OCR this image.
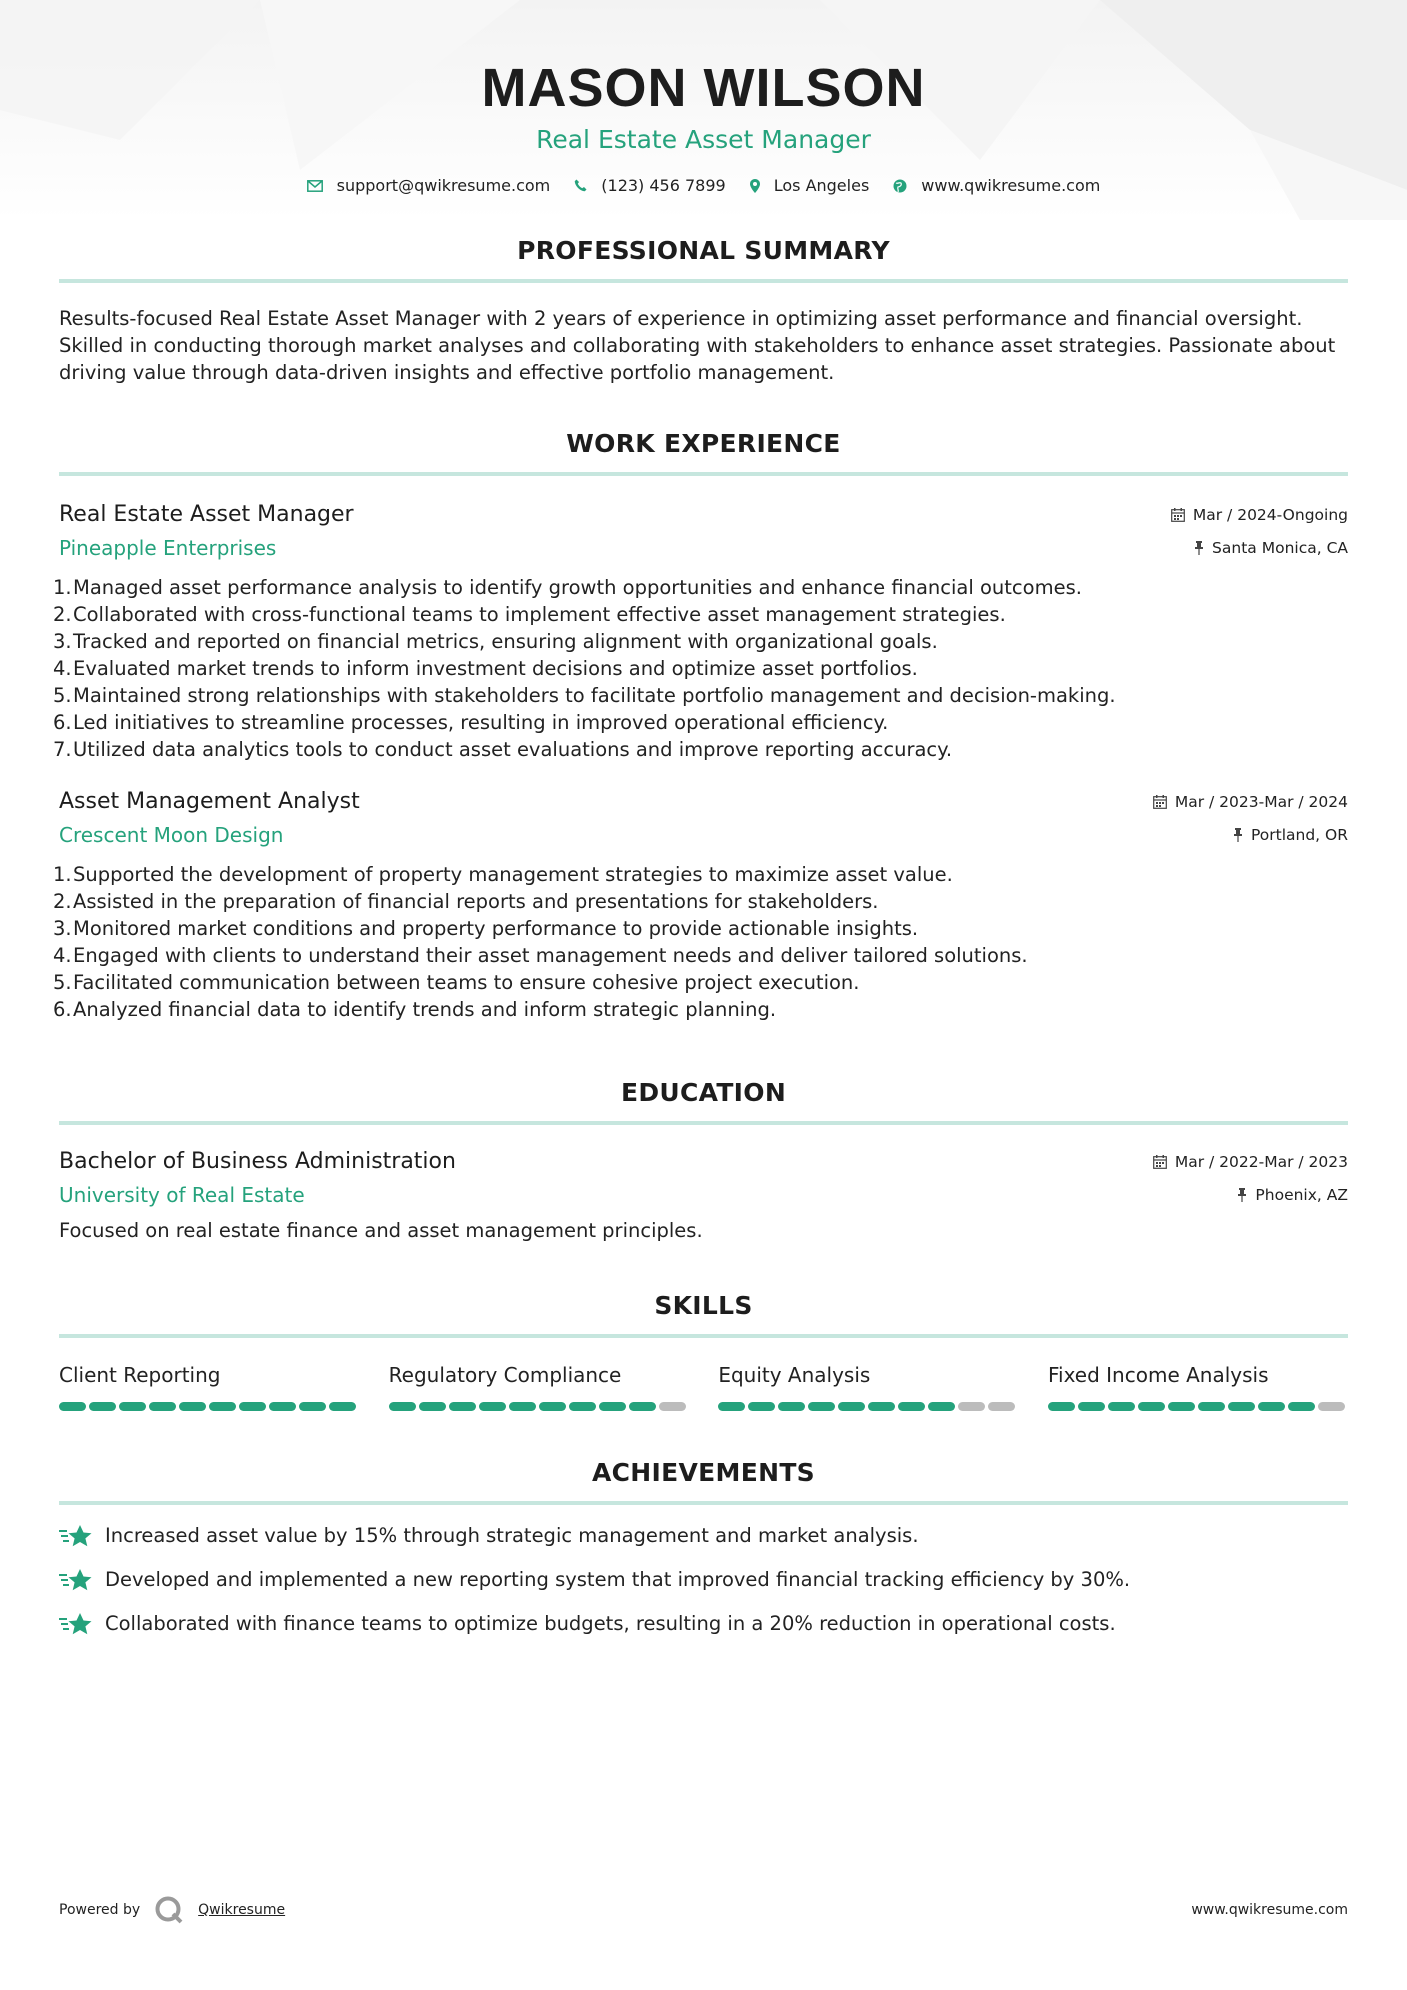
MASON WILSON
Real Estate Asset Manager
support@qwikresume.com	(123) 456 7899	Los Angeles	www.qwikresume.com
PROFESSIONAL SUMMARY
Results-focused Real Estate Asset Manager with 2 years of experience in optimizing asset performance and financial oversight. Skilled in conducting thorough market analyses and collaborating with stakeholders to enhance asset strategies. Passionate about driving value through data-driven insights and effective portfolio management.
WORK EXPERIENCE
Real Estate Asset Manager	Mar / 2024-Ongoing
Pineapple Enterprises	Santa Monica, CA
1. Managed asset performance analysis to identify growth opportunities and enhance financial outcomes.
2. Collaborated with cross-functional teams to implement effective asset management strategies.
3. Tracked and reported on financial metrics, ensuring alignment with organizational goals.
4. Evaluated market trends to inform investment decisions and optimize asset portfolios.
5. Maintained strong relationships with stakeholders to facilitate portfolio management and decision-making.
6. Led initiatives to streamline processes, resulting in improved operational efficiency.
7. Utilized data analytics tools to conduct asset evaluations and improve reporting accuracy.
Asset Management Analyst	Mar / 2023-Mar / 2024
Crescent Moon Design	Portland, OR
1. Supported the development of property management strategies to maximize asset value.
2. Assisted in the preparation of financial reports and presentations for stakeholders.
3. Monitored market conditions and property performance to provide actionable insights.
4. Engaged with clients to understand their asset management needs and deliver tailored solutions.
5. Facilitated communication between teams to ensure cohesive project execution.
6. Analyzed financial data to identify trends and inform strategic planning.
EDUCATION
Bachelor of Business Administration	Mar / 2022-Mar / 2023
University of Real Estate	Phoenix, AZ
Focused on real estate finance and asset management principles.
SKILLS
Client Reporting	Regulatory Compliance	Equity Analysis	Fixed Income Analysis
ACHIEVEMENTS
Increased asset value by 15% through strategic management and market analysis.
Developed and implemented a new reporting system that improved financial tracking efficiency by 30%.
Collaborated with finance teams to optimize budgets, resulting in a 20% reduction in operational costs.
Powered by	Qwikresume	www.qwikresume.com
